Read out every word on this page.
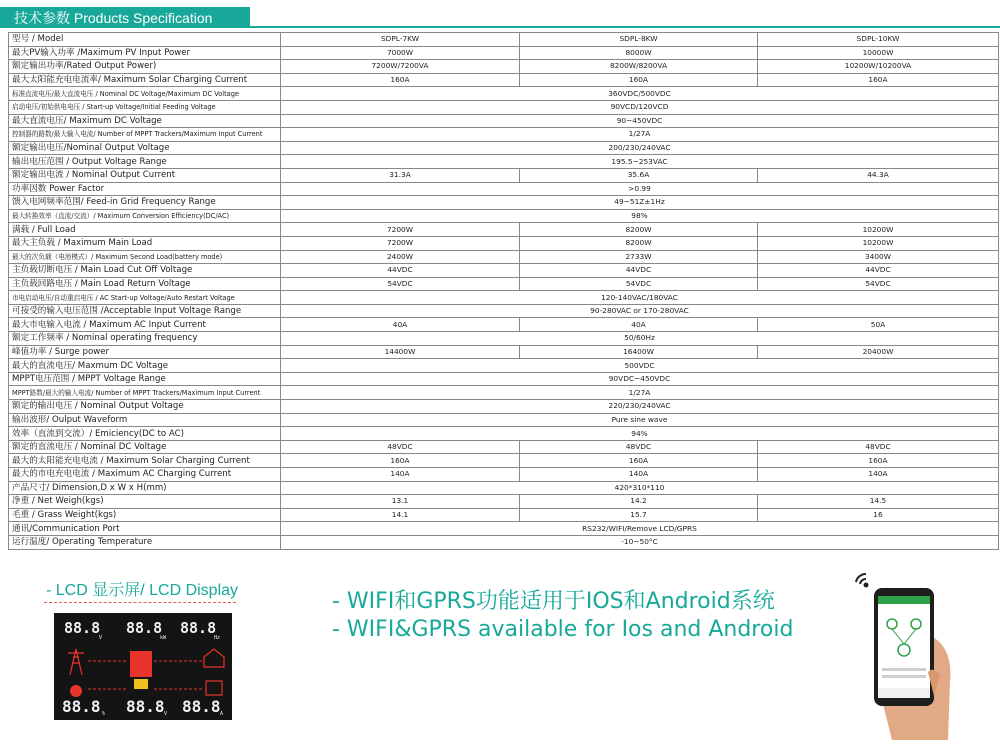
技术参数 Products Specification
型号 / Model	SDPL-7KW	SDPL-8KW	SDPL-10KW
最大PV输入功率 /Maximum PV Input Power	7000W	8000W	10000W
额定输出功率/Rated Output Power)	7200W/7200VA	8200W/8200VA	10200W/10200VA
最大太阳能充电电流率/ Maximum Solar Charging Current	160A	160A	160A
标准直流电压/最大直流电压 / Nominal DC Voltage/Maximum DC Voltage	360VDC/500VDC		
启动电压/初始供电电压 / Start-up Voltage/Initial Feeding Voltage	90VCD/120VCD		
最大直流电压/ Maximum DC Voltage	90~450VDC		
控制器的路数/最大输入电流/ Number of MPPT Trackers/Maximum Input Current	1/27A		
额定输出电压/Nominal Output Voltage	200/230/240VAC		
输出电压范围 / Output Voltage Range	195.5~253VAC		
额定输出电流 / Nominal Output Current	31.3A	35.6A	44.3A
功率因数 Power Factor	>0.99		
馈入电网频率范围/ Feed-in Grid Frequency Range	49~51Z±1Hz		
最大转换效率（直流/交流）/ Maximum Conversion Efficiency(DC/AC)	98%		
满载 / Full Load	7200W	8200W	10200W
最大主负载 / Maximum Main Load	7200W	8200W	10200W
最大的次负载（电池模式）/ Maximum Second Load(battery mode)	2400W	2733W	3400W
主负载切断电压 / Main Load Cut Off Voltage	44VDC	44VDC	44VDC
主负载回路电压 / Main Load Return Voltage	54VDC	54VDC	54VDC
市电启动电压/自动重启电压 / AC Start-up Voltage/Auto Restart Voltage	120-140VAC/180VAC		
可接受的输入电压范围 /Acceptable Input Voltage Range	90-280VAC or 170-280VAC		
最大市电输入电流 / Maximum AC Input Current	40A	40A	50A
额定工作频率 / Nominal operating frequency	50/60Hz		
峰值功率 / Surge power	14400W	16400W	20400W
最大的直流电压/ Maxmum DC Voltage	500VDC		
MPPT电压范围 / MPPT Voltage Range	90VDC~450VDC		
MPPT路数/最大的输入电流/ Number of MPPT Trackers/Maximum Input Current	1/27A		
额定的输出电压 / Nominal Output Voltage	220/230/240VAC		
输出波形/ Oulput Waveform	Pure sine wave		
效率（直流到交流）/ Emiciency(DC to AC)	94%		
额定的直流电压 / Nominal DC Voltage	48VDC	48VDC	48VDC
最大的太阳能充电电流 / Maximum Solar Charging Current	160A	160A	160A
最大的市电充电电流 / Maximum AC Charging Current	140A	140A	140A
产品尺寸/ Dimension,D x W x H(mm)	420*310*110		
净重 / Net Weigh(kgs)	13.1	14.2	14.5
毛重 / Grass Weight(kgs)	14.1	15.7	16
通讯/Communication Port	RS232/WIFI/Remove LCD/GPRS		
运行温度/ Operating Temperature	-10~50°C		
- LCD 显示屏/ LCD Display
88.8
V
88.8
kW
88.8
Hz
88.8 % 88.8 V 88.8 A
- WIFI和GPRS功能适用于IOS和Android系统
- WIFI&GPRS available for Ios and Android
